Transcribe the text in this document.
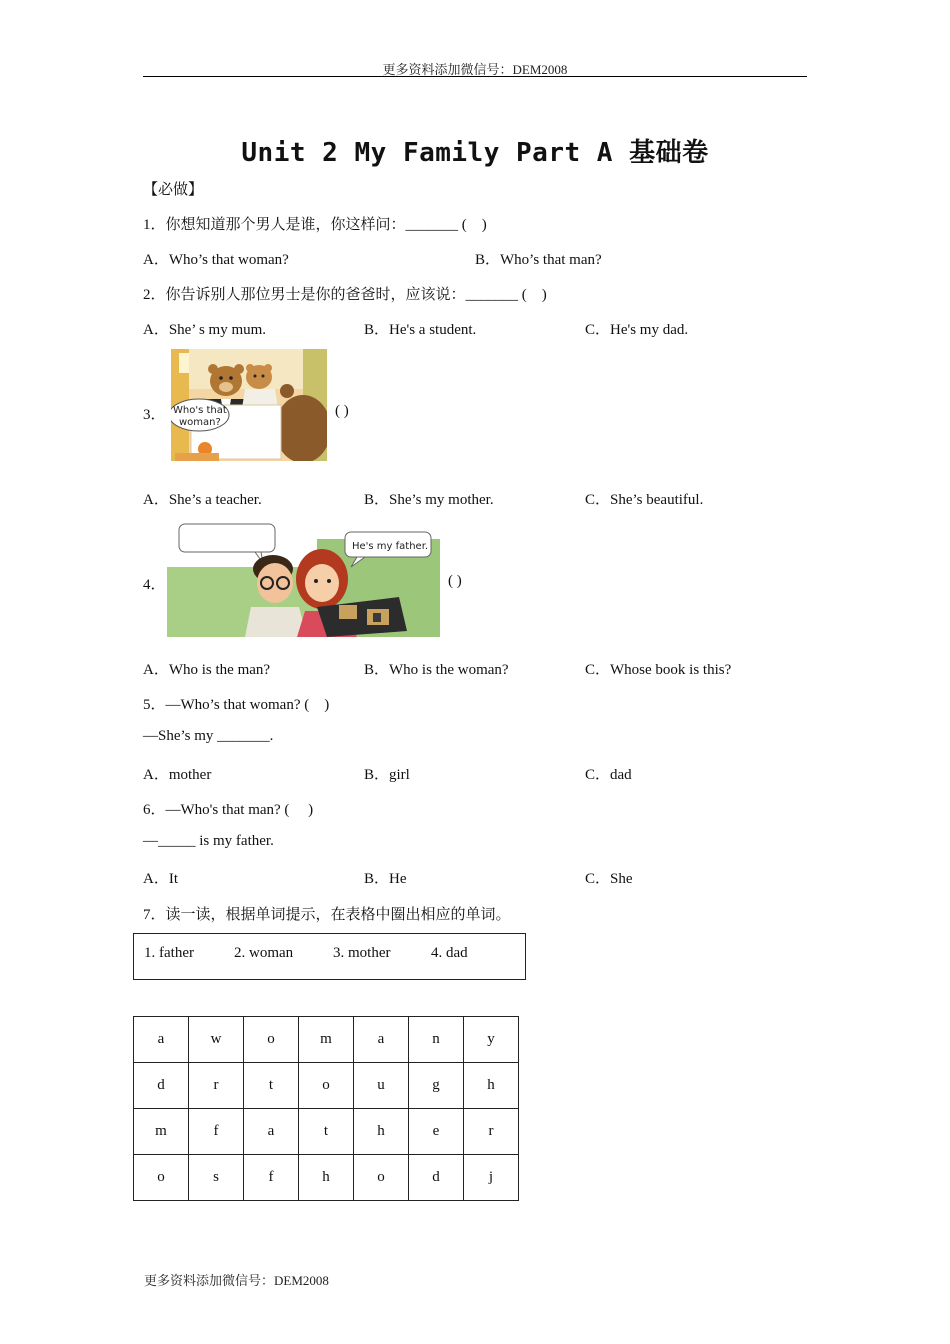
更多资料添加微信号：DEM2008
Unit 2 My Family Part A 基础卷
【必做】
1．你想知道那个男人是谁，你这样问：_______ (    )
A．Who’s that woman?	B．Who’s that man?
2．你告诉别人那位男士是你的爸爸时，应该说：_______ (    )
A．She’ s my mum.	B．He's a student.	C．He's my dad.
3． Who's that
woman?
( )
A．She’s a teacher.	B．She’s my mother.	C．She’s beautiful.
4．
He's my father.
( )
A．Who is the man?	B．Who is the woman?	C．Whose book is this?
5．—Who’s that woman? (    )
—She’s my _______.
A．mother	B．girl	C．dad
6．—Who's that man? (     )
—_____ is my father.
A．It	B．He	C．She
7．读一读，根据单词提示，在表格中圈出相应的单词。
1. father	2. woman	3. mother	4. dad
a	w	o	m	a	n	y
d	r	t	o	u	g	h
m	f	a	t	h	e	r
o	s	f	h	o	d	j
更多资料添加微信号：DEM2008
